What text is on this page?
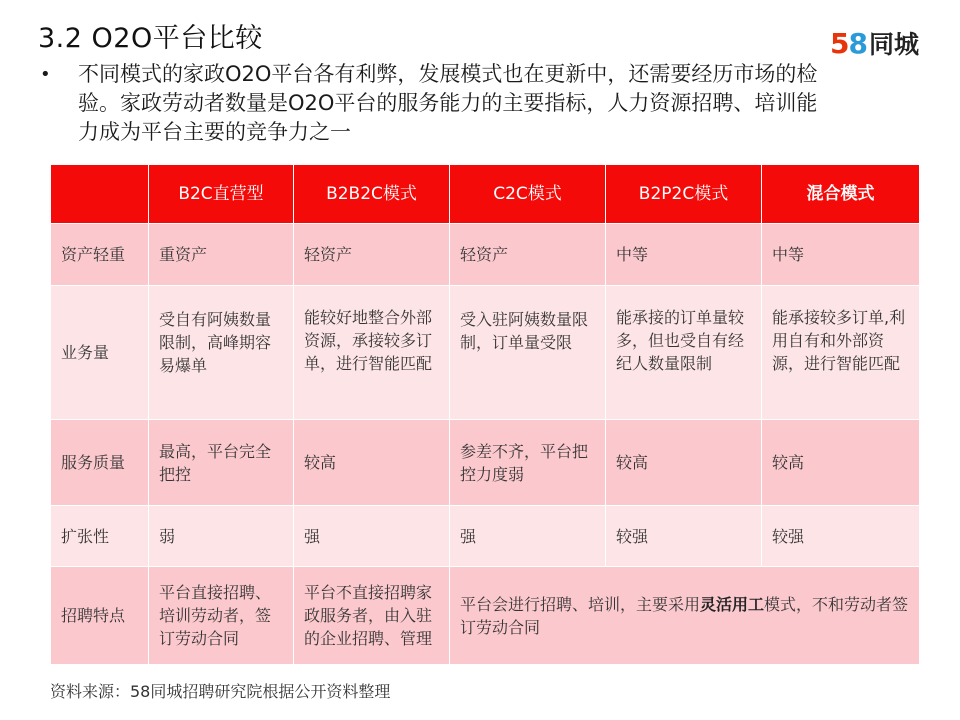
3.2 O2O平台比较	58 同城
•	不同模式的家政O2O平台各有利弊，发展模式也在更新中，还需要经历市场的检验。家政劳动者数量是O2O平台的服务能力的主要指标，人力资源招聘、培训能力成为平台主要的竞争力之一
	B2C直营型	B2B2C模式	C2C模式	B2P2C模式	混合模式
资产轻重	重资产	轻资产	轻资产	中等	中等
业务量	受自有阿姨数量限制，高峰期容易爆单	能较好地整合外部资源，承接较多订单，进行智能匹配	受入驻阿姨数量限制，订单量受限	能承接的订单量较多，但也受自有经纪人数量限制	能承接较多订单,利用自有和外部资源，进行智能匹配
服务质量	最高，平台完全把控	较高	参差不齐，平台把控力度弱	较高	较高
扩张性	弱	强	强	较强	较强
招聘特点	平台直接招聘、培训劳动者，签订劳动合同	平台不直接招聘家政服务者，由入驻的企业招聘、管理	平台会进行招聘、培训，主要采用灵活用工模式，不和劳动者签订劳动合同		
资料来源：58同城招聘研究院根据公开资料整理
